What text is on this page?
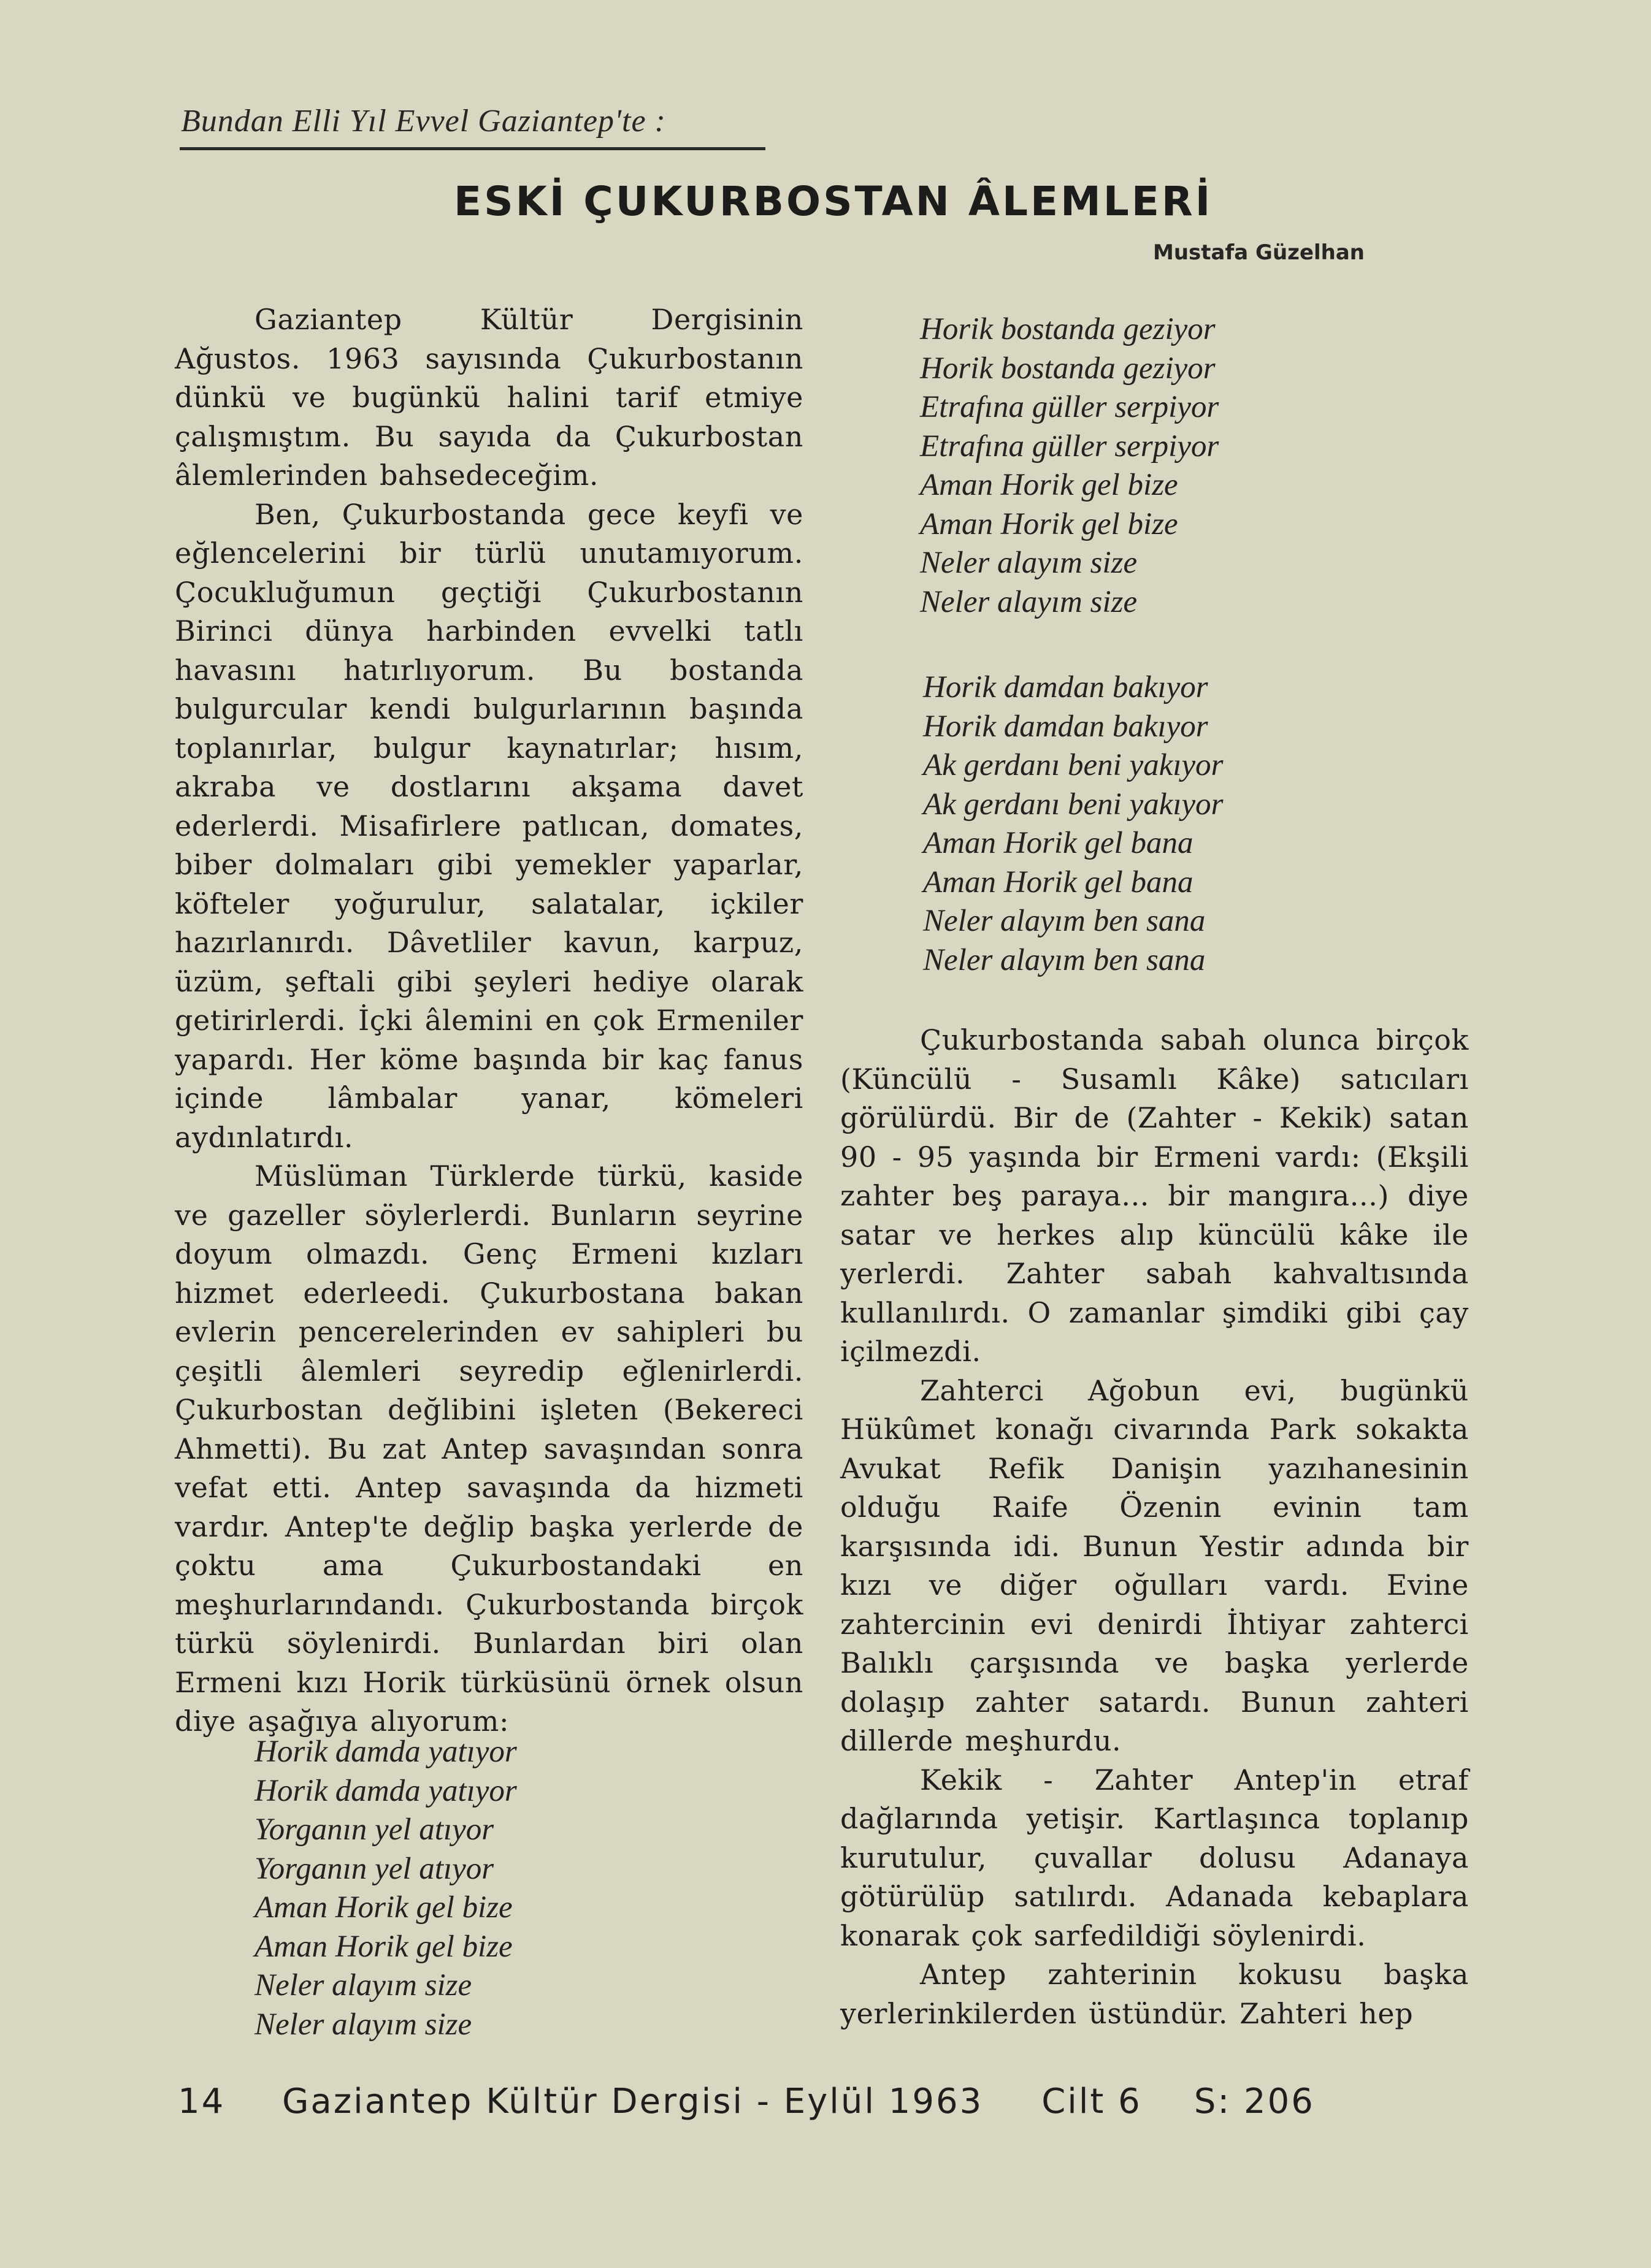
Bundan Elli Yıl Evvel Gaziantep'te :
ESKİ ÇUKURBOSTAN ÂLEMLERİ
Mustafa Güzelhan

Gaziantep Kültür Dergisinin Ağustos. 1963 sayısında Çukurbostanın dünkü ve bugünkü halini tarif etmiye çalışmıştım. Bu sayıda da Çukurbostan âlemlerinden bahsedeceğim.

Ben, Çukurbostanda gece keyfi ve eğlencelerini bir türlü unutamıyorum. Çocukluğumun geçtiği Çukurbostanın Birinci dünya harbinden evvelki tatlı havasını hatırlıyorum. Bu bostanda bulgurcular kendi bulgurlarının başında toplanırlar, bulgur kaynatırlar; hısım, akraba ve dostlarını akşama davet ederlerdi. Misafirlere patlıcan, domates, biber dolmaları gibi yemekler yaparlar, köfteler yoğurulur, salatalar, içkiler hazırlanırdı. Dâvetliler kavun, karpuz, üzüm, şeftali gibi şeyleri hediye olarak getirirlerdi. İçki âlemini en çok Ermeniler yapardı. Her köme başında bir kaç fanus içinde lâmbalar yanar, kömeleri aydınlatırdı.

Müslüman Türklerde türkü, kaside ve gazeller söylerlerdi. Bunların seyrine doyum olmazdı. Genç Ermeni kızları hizmet ederleedi. Çukurbostana bakan evlerin pencerelerinden ev sahipleri bu çeşitli âlemleri seyredip eğlenirlerdi. Çukurbostan değlibini işleten (Bekereci Ahmetti). Bu zat Antep savaşından sonra vefat etti. Antep savaşında da hizmeti vardır. Antep'te değlip başka yerlerde de çoktu ama Çukurbostandaki en meşhurlarındandı. Çukurbostanda birçok türkü söylenirdi. Bunlardan biri olan Ermeni kızı Horik türküsünü örnek olsun diye aşağıya alıyorum:

Horik damda yatıyor
Horik damda yatıyor
Yorganın yel atıyor
Yorganın yel atıyor
Aman Horik gel bize
Aman Horik gel bize
Neler alayım size
Neler alayım size
Horik bostanda geziyor
Horik bostanda geziyor
Etrafına güller serpiyor
Etrafına güller serpiyor
Aman Horik gel bize
Aman Horik gel bize
Neler alayım size
Neler alayım size
Horik damdan bakıyor
Horik damdan bakıyor
Ak gerdanı beni yakıyor
Ak gerdanı beni yakıyor
Aman Horik gel bana
Aman Horik gel bana
Neler alayım ben sana
Neler alayım ben sana

Çukurbostanda sabah olunca birçok (Küncülü - Susamlı Kâke) satıcıları görülürdü. Bir de (Zahter - Kekik) satan 90 - 95 yaşında bir Ermeni vardı: (Ekşili zahter beş paraya... bir mangıra...) diye satar ve herkes alıp küncülü kâke ile yerlerdi. Zahter sabah kahvaltısında kullanılırdı. O zamanlar şimdiki gibi çay içilmezdi.

Zahterci Ağobun evi, bugünkü Hükûmet konağı civarında Park sokakta Avukat Refik Danişin yazıhanesinin olduğu Raife Özenin evinin tam karşısında idi. Bunun Yestir adında bir kızı ve diğer oğulları vardı. Evine zahtercinin evi denirdi İhtiyar zahterci Balıklı çarşısında ve başka yerlerde dolaşıp zahter satardı. Bunun zahteri dillerde meşhurdu.

Kekik - Zahter Antep'in etraf dağlarında yetişir. Kartlaşınca toplanıp kurutulur, çuvallar dolusu Adanaya götürülüp satılırdı. Adanada kebaplara konarak çok sarfedildiği söylenirdi.

Antep zahterinin kokusu başka yerlerinkilerden üstündür. Zahteri hep

14 Gaziantep Kültür Dergisi - Eylül 1963 Cilt 6 S: 206
